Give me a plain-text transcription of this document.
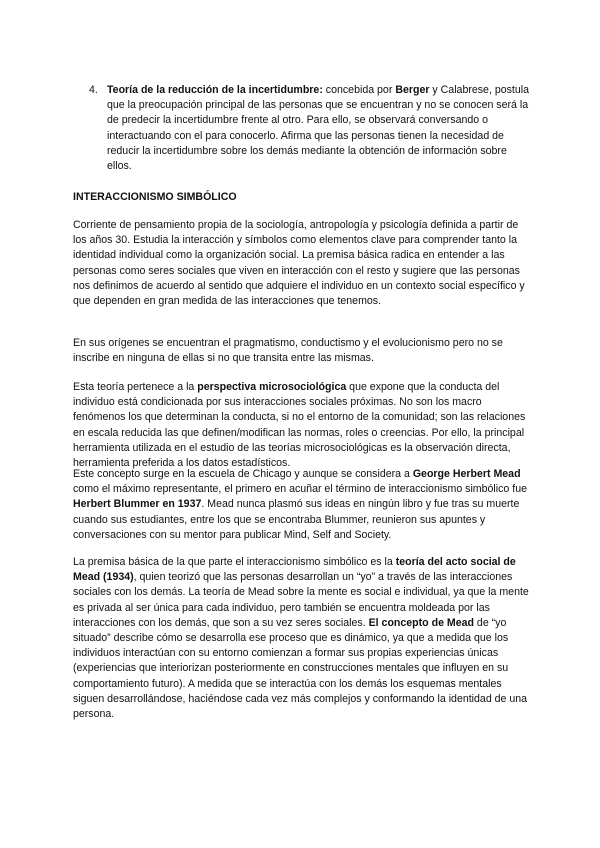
4. Teoría de la reducción de la incertidumbre: concebida por Berger y Calabrese, postula que la preocupación principal de las personas que se encuentran y no se conocen será la de predecir la incertidumbre frente al otro. Para ello, se observará conversando o interactuando con el para conocerlo. Afirma que las personas tienen la necesidad de reducir la incertidumbre sobre los demás mediante la obtención de información sobre ellos.
INTERACCIONISMO SIMBÓLICO

Corriente de pensamiento propia de la sociología, antropología y psicología definida a partir de los años 30. Estudia la interacción y símbolos como elementos clave para comprender tanto la identidad individual como la organización social. La premisa básica radica en entender a las personas como seres sociales que viven en interacción con el resto y sugiere que las personas nos definimos de acuerdo al sentido que adquiere el individuo en un contexto social específico y que dependen en gran medida de las interacciones que tenemos.

En sus orígenes se encuentran el pragmatismo, conductismo y el evolucionismo pero no se inscribe en ninguna de ellas si no que transita entre las mismas.

Esta teoría pertenece a la perspectiva microsociológica que expone que la conducta del individuo está condicionada por sus interacciones sociales próximas. No son los macro fenómenos los que determinan la conducta, si no el entorno de la comunidad; son las relaciones en escala reducida las que definen/modifican las normas, roles o creencias. Por ello, la principal herramienta utilizada en el estudio de las teorías microsociológicas es la observación directa, herramienta preferida a los datos estadísticos.

Este concepto surge en la escuela de Chicago y aunque se considera a George Herbert Mead como el máximo representante, el primero en acuñar el término de interaccionismo simbólico fue Herbert Blummer en 1937. Mead nunca plasmó sus ideas en ningún libro y fue tras su muerte cuando sus estudiantes, entre los que se encontraba Blummer, reunieron sus apuntes y conversaciones con su mentor para publicar Mind, Self and Society.

La premisa básica de la que parte el interaccionismo simbólico es la teoría del acto social de Mead (1934), quien teorizó que las personas desarrollan un “yo” a través de las interacciones sociales con los demás. La teoría de Mead sobre la mente es social e individual, ya que la mente es privada al ser única para cada individuo, pero también se encuentra moldeada por las interacciones con los demás, que son a su vez seres sociales. El concepto de Mead de “yo situado” describe cómo se desarrolla ese proceso que es dinámico, ya que a medida que los individuos interactúan con su entorno comienzan a formar sus propias experiencias únicas (experiencias que interiorizan posteriormente en construcciones mentales que influyen en su comportamiento futuro). A medida que se interactúa con los demás los esquemas mentales siguen desarrollándose, haciéndose cada vez más complejos y conformando la identidad de una persona.
